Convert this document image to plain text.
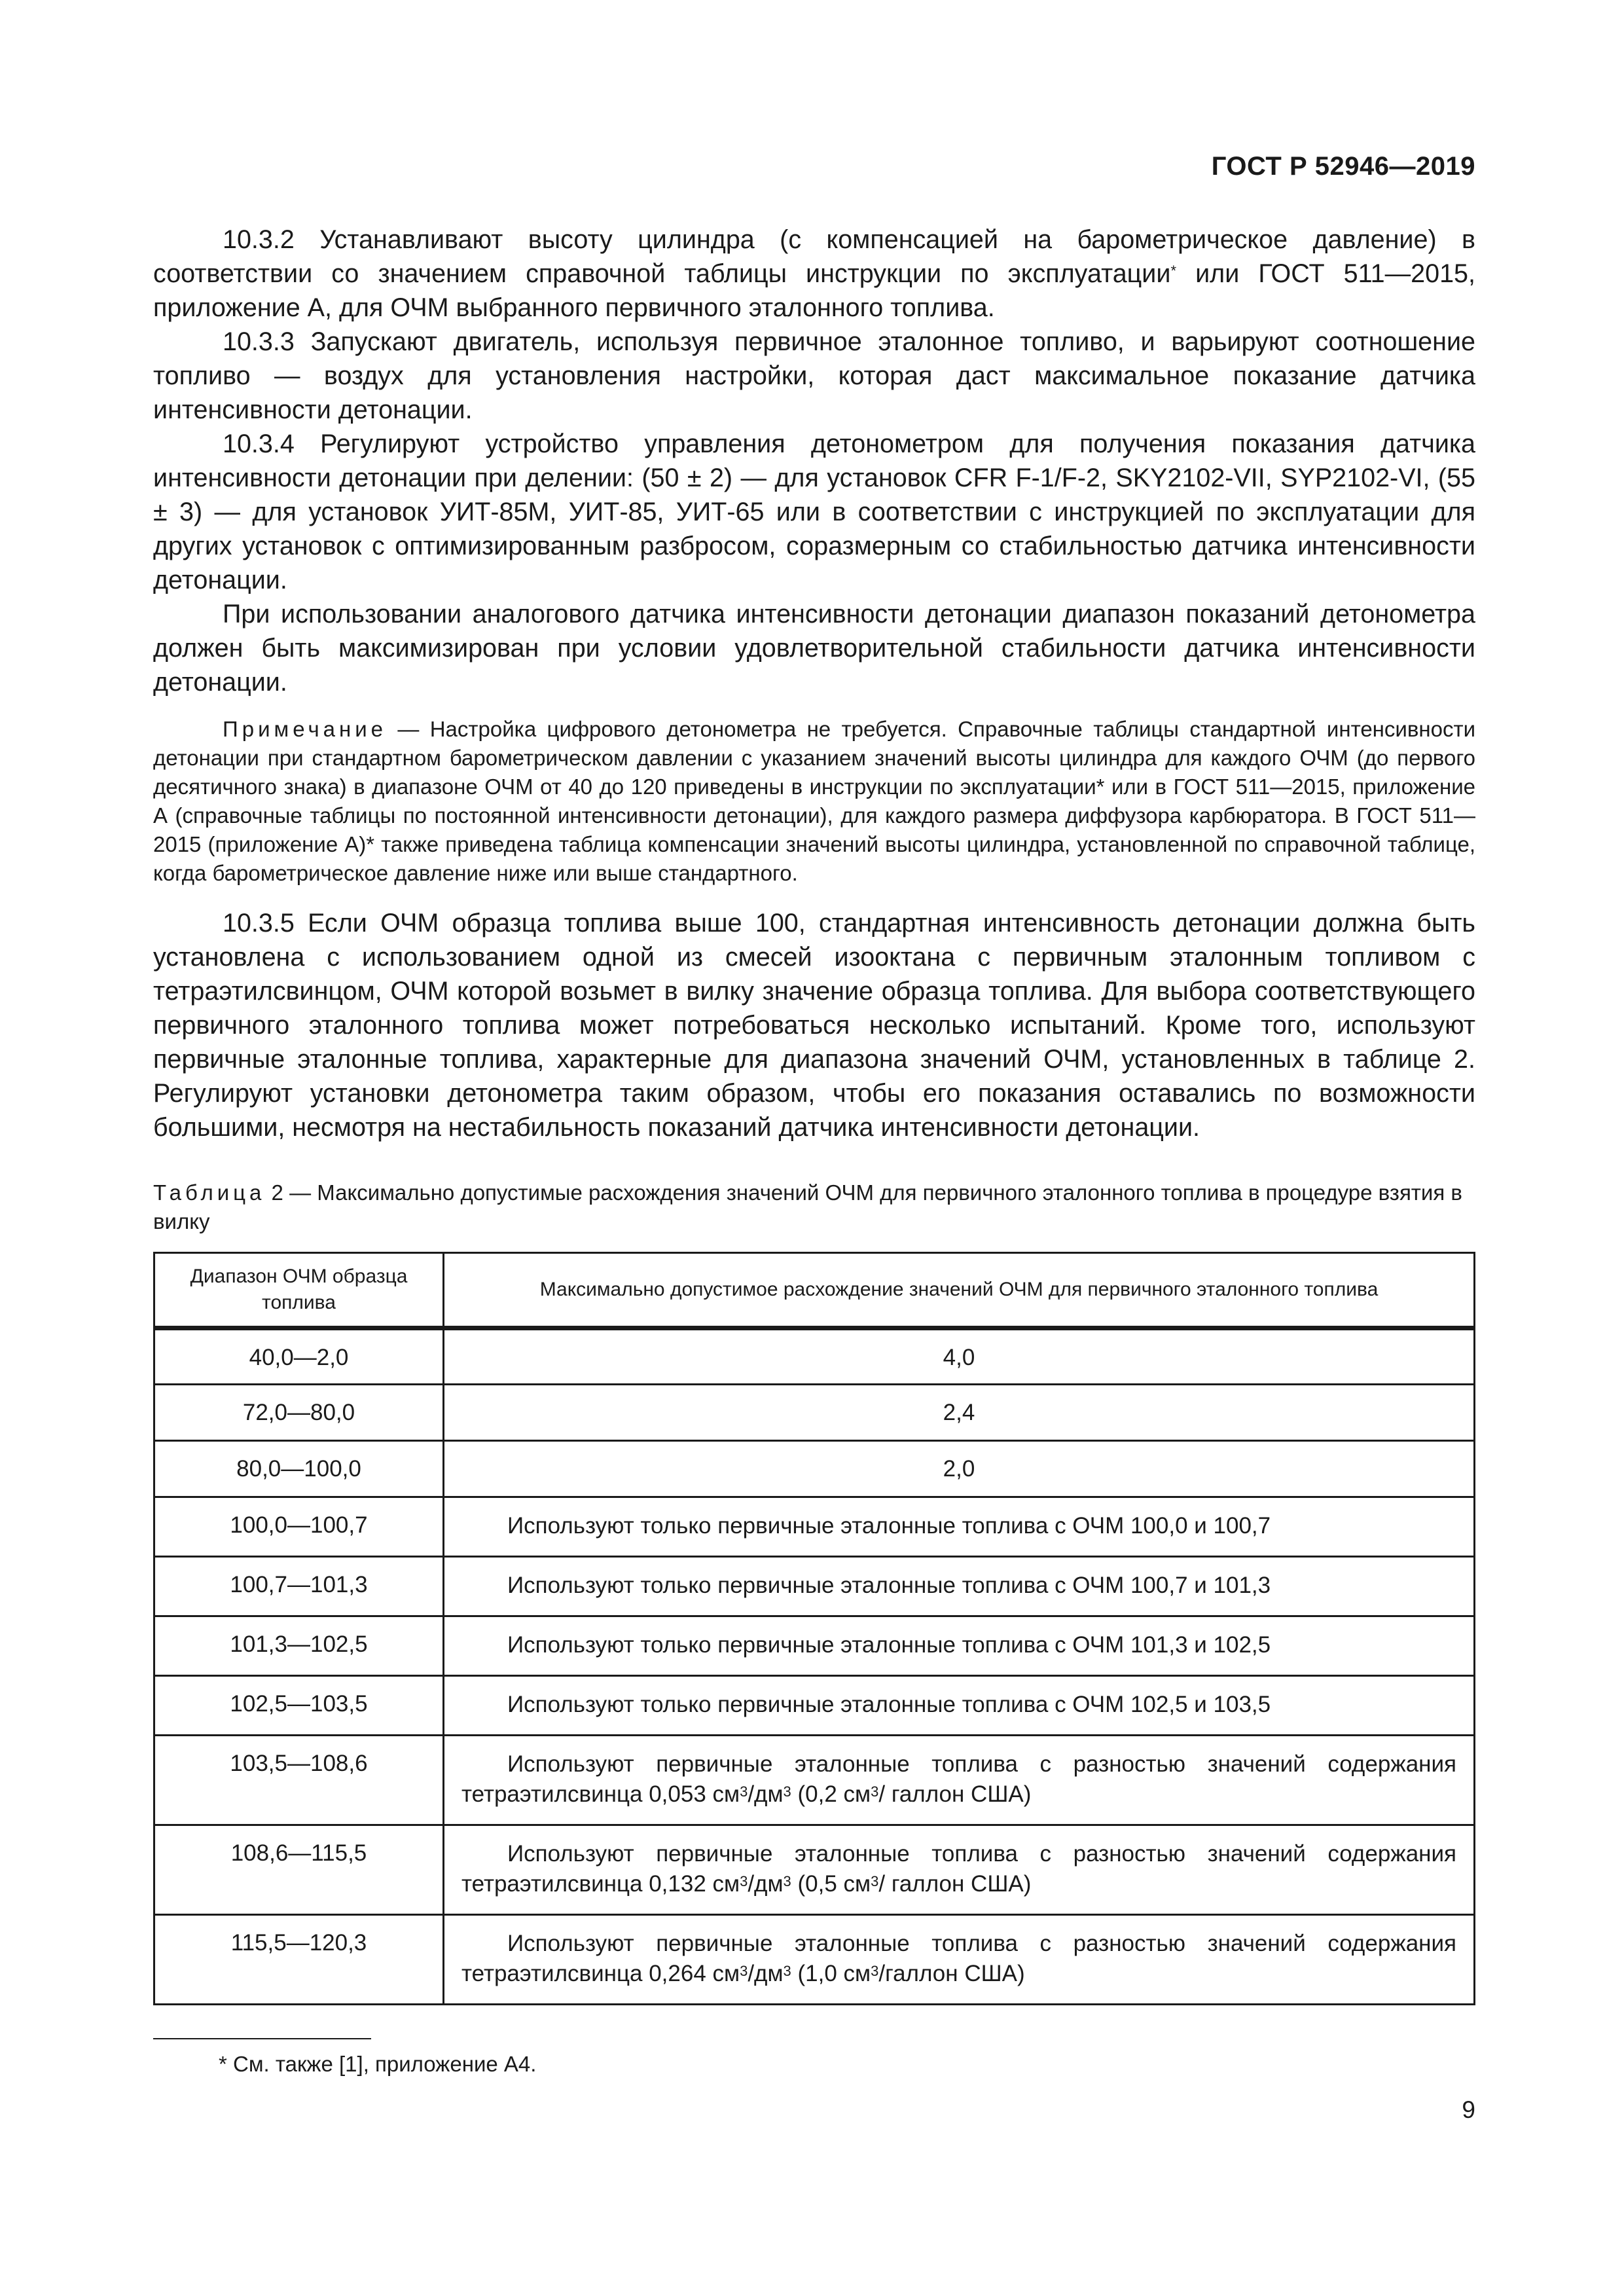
ГОСТ Р 52946—2019

10.3.2 Устанавливают высоту цилиндра (с компенсацией на барометрическое давление) в соответствии со значением справочной таблицы инструкции по эксплуатации* или ГОСТ 511—2015, приложение А, для ОЧМ выбранного первичного эталонного топлива.

10.3.3 Запускают двигатель, используя первичное эталонное топливо, и варьируют соотношение топливо — воздух для установления настройки, которая даст максимальное показание датчика интенсивности детонации.

10.3.4 Регулируют устройство управления детонометром для получения показания датчика интенсивности детонации при делении: (50 ± 2) — для установок CFR F-1/F-2, SKY2102-VII, SYP2102-VI, (55 ± 3) — для установок УИТ-85М, УИТ-85, УИТ-65 или в соответствии с инструкцией по эксплуатации для других установок с оптимизированным разбросом, соразмерным со стабильностью датчика интенсивности детонации.

При использовании аналогового датчика интенсивности детонации диапазон показаний детонометра должен быть максимизирован при условии удовлетворительной стабильности датчика интенсивности детонации.

Примечание — Настройка цифрового детонометра не требуется. Справочные таблицы стандартной интенсивности детонации при стандартном барометрическом давлении с указанием значений высоты цилиндра для каждого ОЧМ (до первого десятичного знака) в диапазоне ОЧМ от 40 до 120 приведены в инструкции по эксплуатации* или в ГОСТ 511—2015, приложение А (справочные таблицы по постоянной интенсивности детонации), для каждого размера диффузора карбюратора. В ГОСТ 511—2015 (приложение А)* также приведена таблица компенсации значений высоты цилиндра, установленной по справочной таблице, когда барометрическое давление ниже или выше стандартного.

10.3.5 Если ОЧМ образца топлива выше 100, стандартная интенсивность детонации должна быть установлена с использованием одной из смесей изооктана с первичным эталонным топливом с тетраэтилсвинцом, ОЧМ которой возьмет в вилку значение образца топлива. Для выбора соответствующего первичного эталонного топлива может потребоваться несколько испытаний. Кроме того, используют первичные эталонные топлива, характерные для диапазона значений ОЧМ, установленных в таблице 2. Регулируют установки детонометра таким образом, чтобы его показания оставались по возможности большими, несмотря на нестабильность показаний датчика интенсивности детонации.

Таблица 2 — Максимально допустимые расхождения значений ОЧМ для первичного эталонного топлива в процедуре взятия в вилку

Диапазон ОЧМ образца топлива	Максимально допустимое расхождение значений ОЧМ для первичного эталонного топлива
40,0—2,0	4,0
72,0—80,0	2,4
80,0—100,0	2,0
100,0—100,7	Используют только первичные эталонные топлива с ОЧМ 100,0 и 100,7
100,7—101,3	Используют только первичные эталонные топлива с ОЧМ 100,7 и 101,3
101,3—102,5	Используют только первичные эталонные топлива с ОЧМ 101,3 и 102,5
102,5—103,5	Используют только первичные эталонные топлива с ОЧМ 102,5 и 103,5
103,5—108,6	Используют первичные эталонные топлива с разностью значений содержания тетраэтилсвинца 0,053 $см^3/дм^3$ (0,2 $см^3/$ галлон США)
108,6—115,5	Используют первичные эталонные топлива с разностью значений содержания тетраэтилсвинца 0,132 $см^3/дм^3$ (0,5 $см^3/$ галлон США)
115,5—120,3	Используют первичные эталонные топлива с разностью значений содержания тетраэтилсвинца 0,264 $см^3/дм^3$ (1,0 $см^3$/галлон США)
* См. также [1], приложение А4.
9
